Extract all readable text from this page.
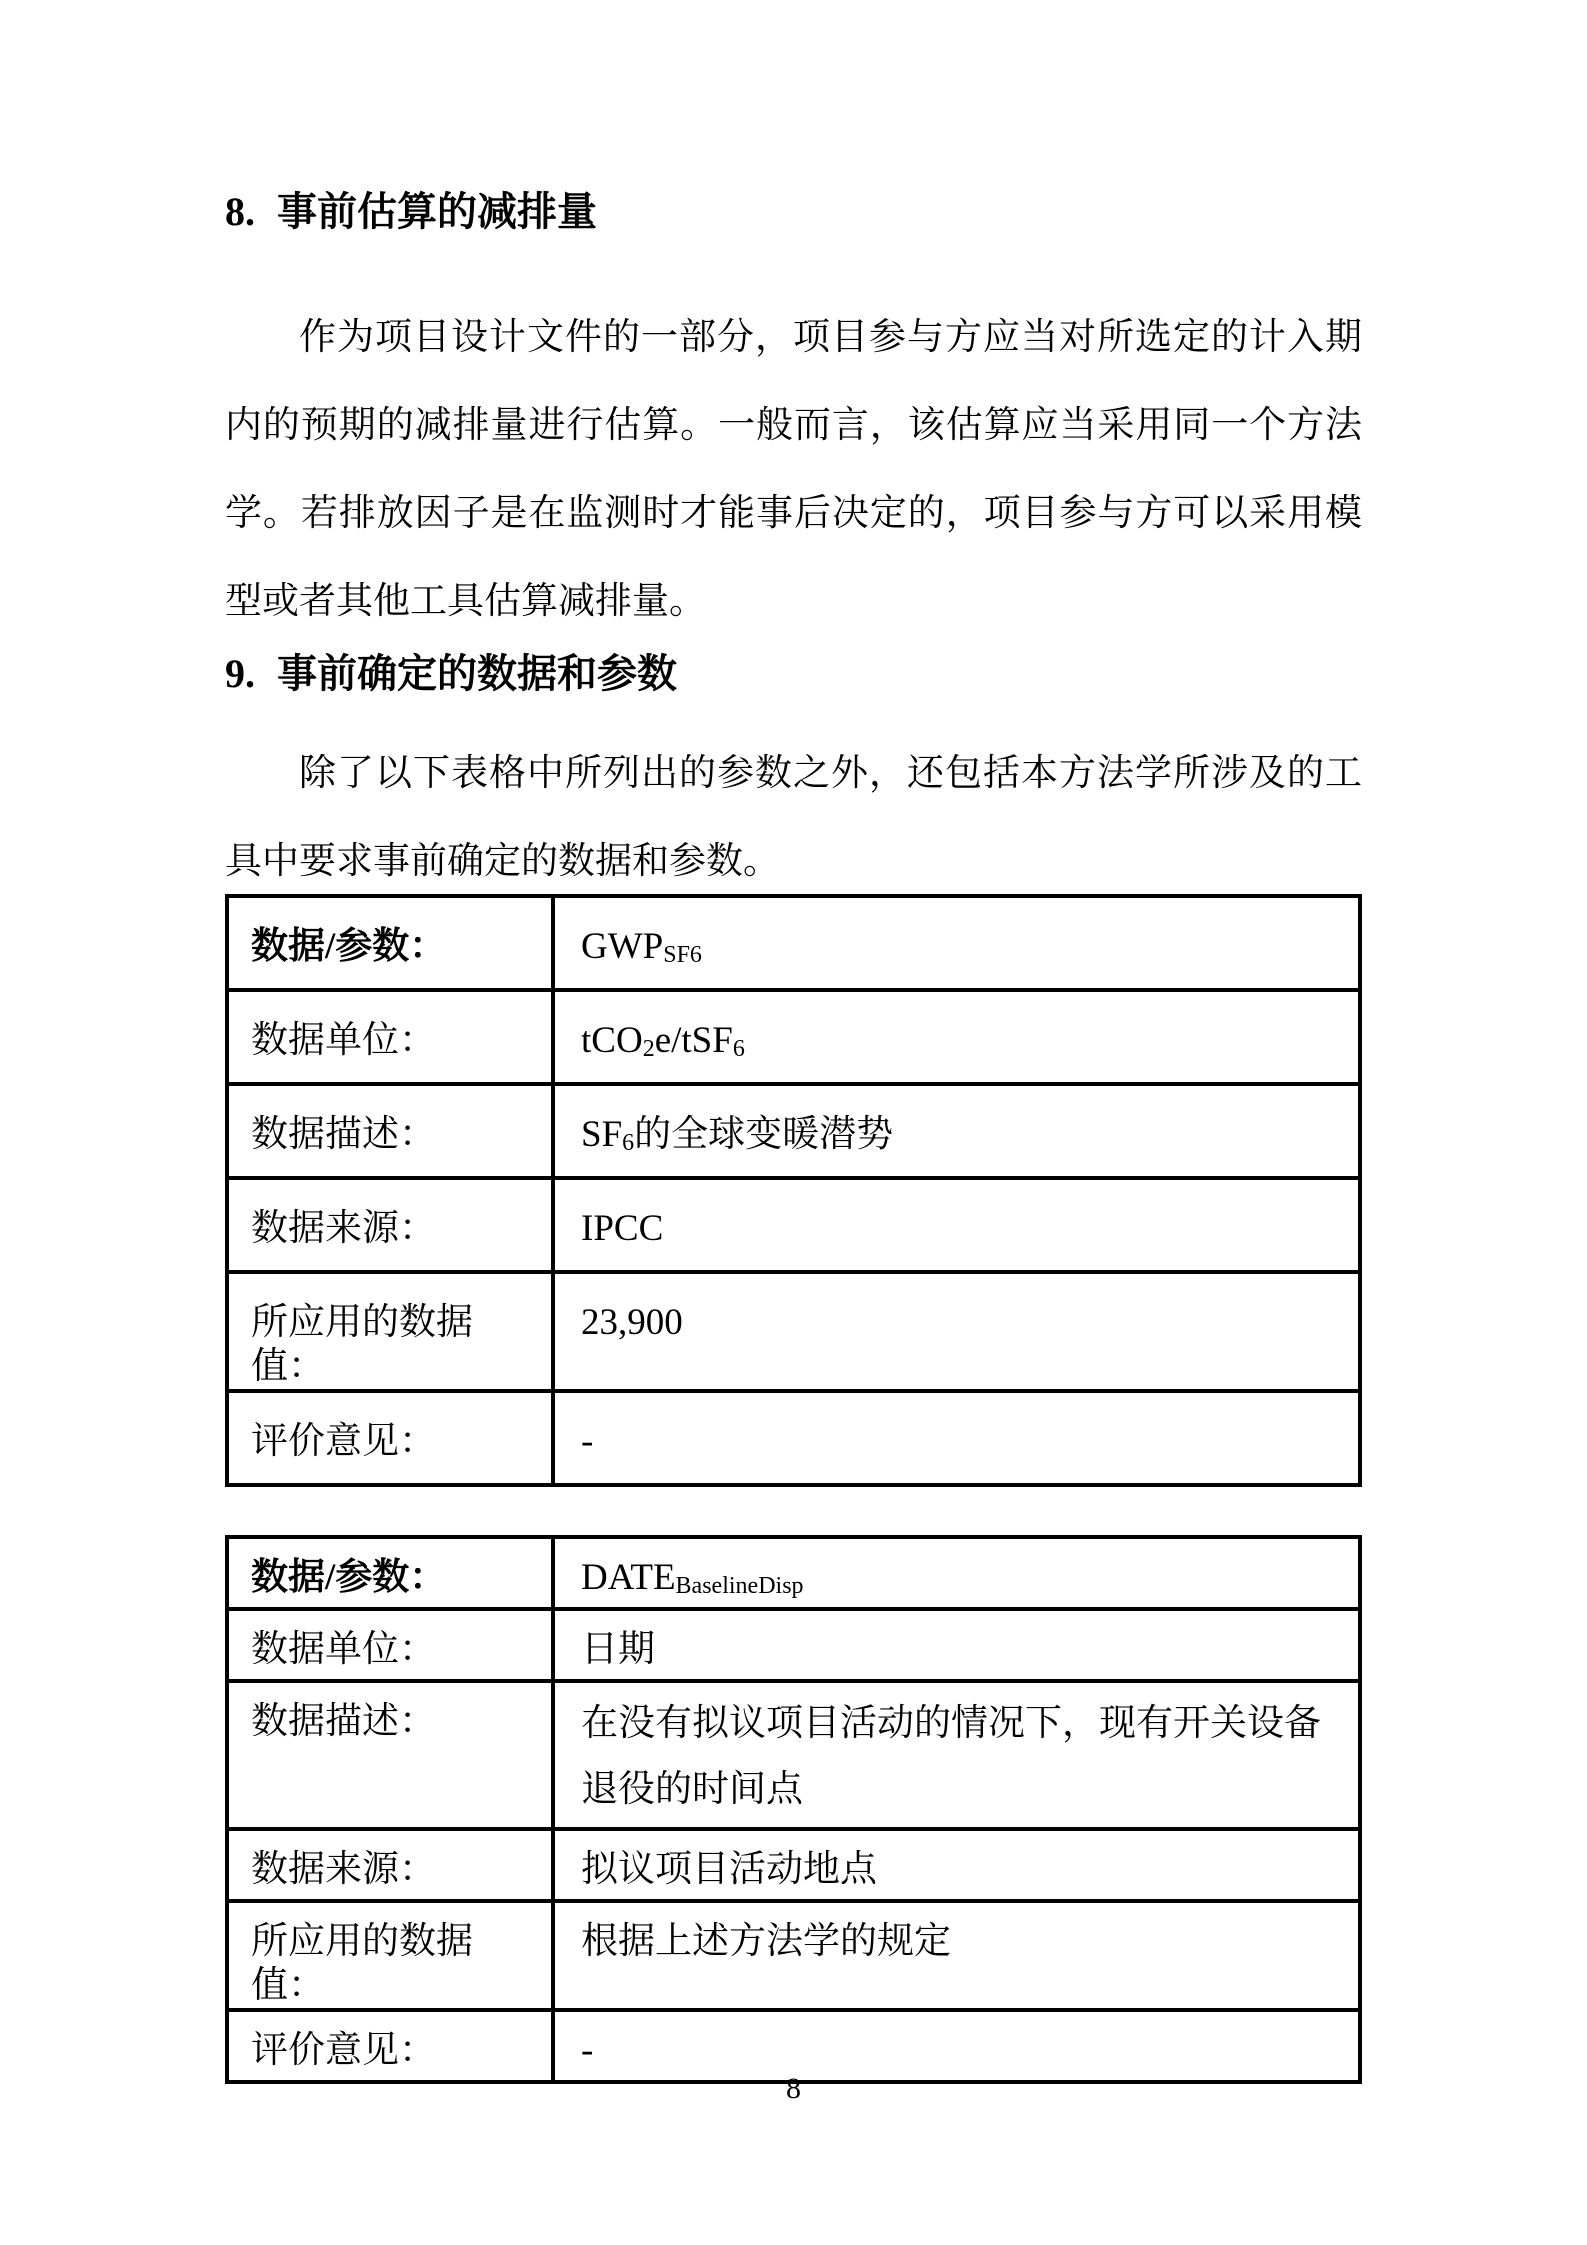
8. 事前估算的减排量

作为项目设计文件的一部分，项目参与方应当对所选定的计入期内的预期的减排量进行估算。一般而言，该估算应当采用同一个方法学。若排放因子是在监测时才能事后决定的，项目参与方可以采用模型或者其他工具估算减排量。

9. 事前确定的数据和参数

除了以下表格中所列出的参数之外，还包括本方法学所涉及的工具中要求事前确定的数据和参数。

数据/参数：	$GWP_{SF6}$
数据单位：	tCO$_2$e/tSF$_6$
数据描述：	$SF_6$的全球变暖潜势
数据来源：	IPCC
所应用的数据值：	23,900
评价意见：	-
数据/参数：	$DATE_{BaselineDisp}$
数据单位：	日期
数据描述：	在没有拟议项目活动的情况下，现有开关设备退役的时间点
数据来源：	拟议项目活动地点
所应用的数据值：	根据上述方法学的规定
评价意见：	-
8
